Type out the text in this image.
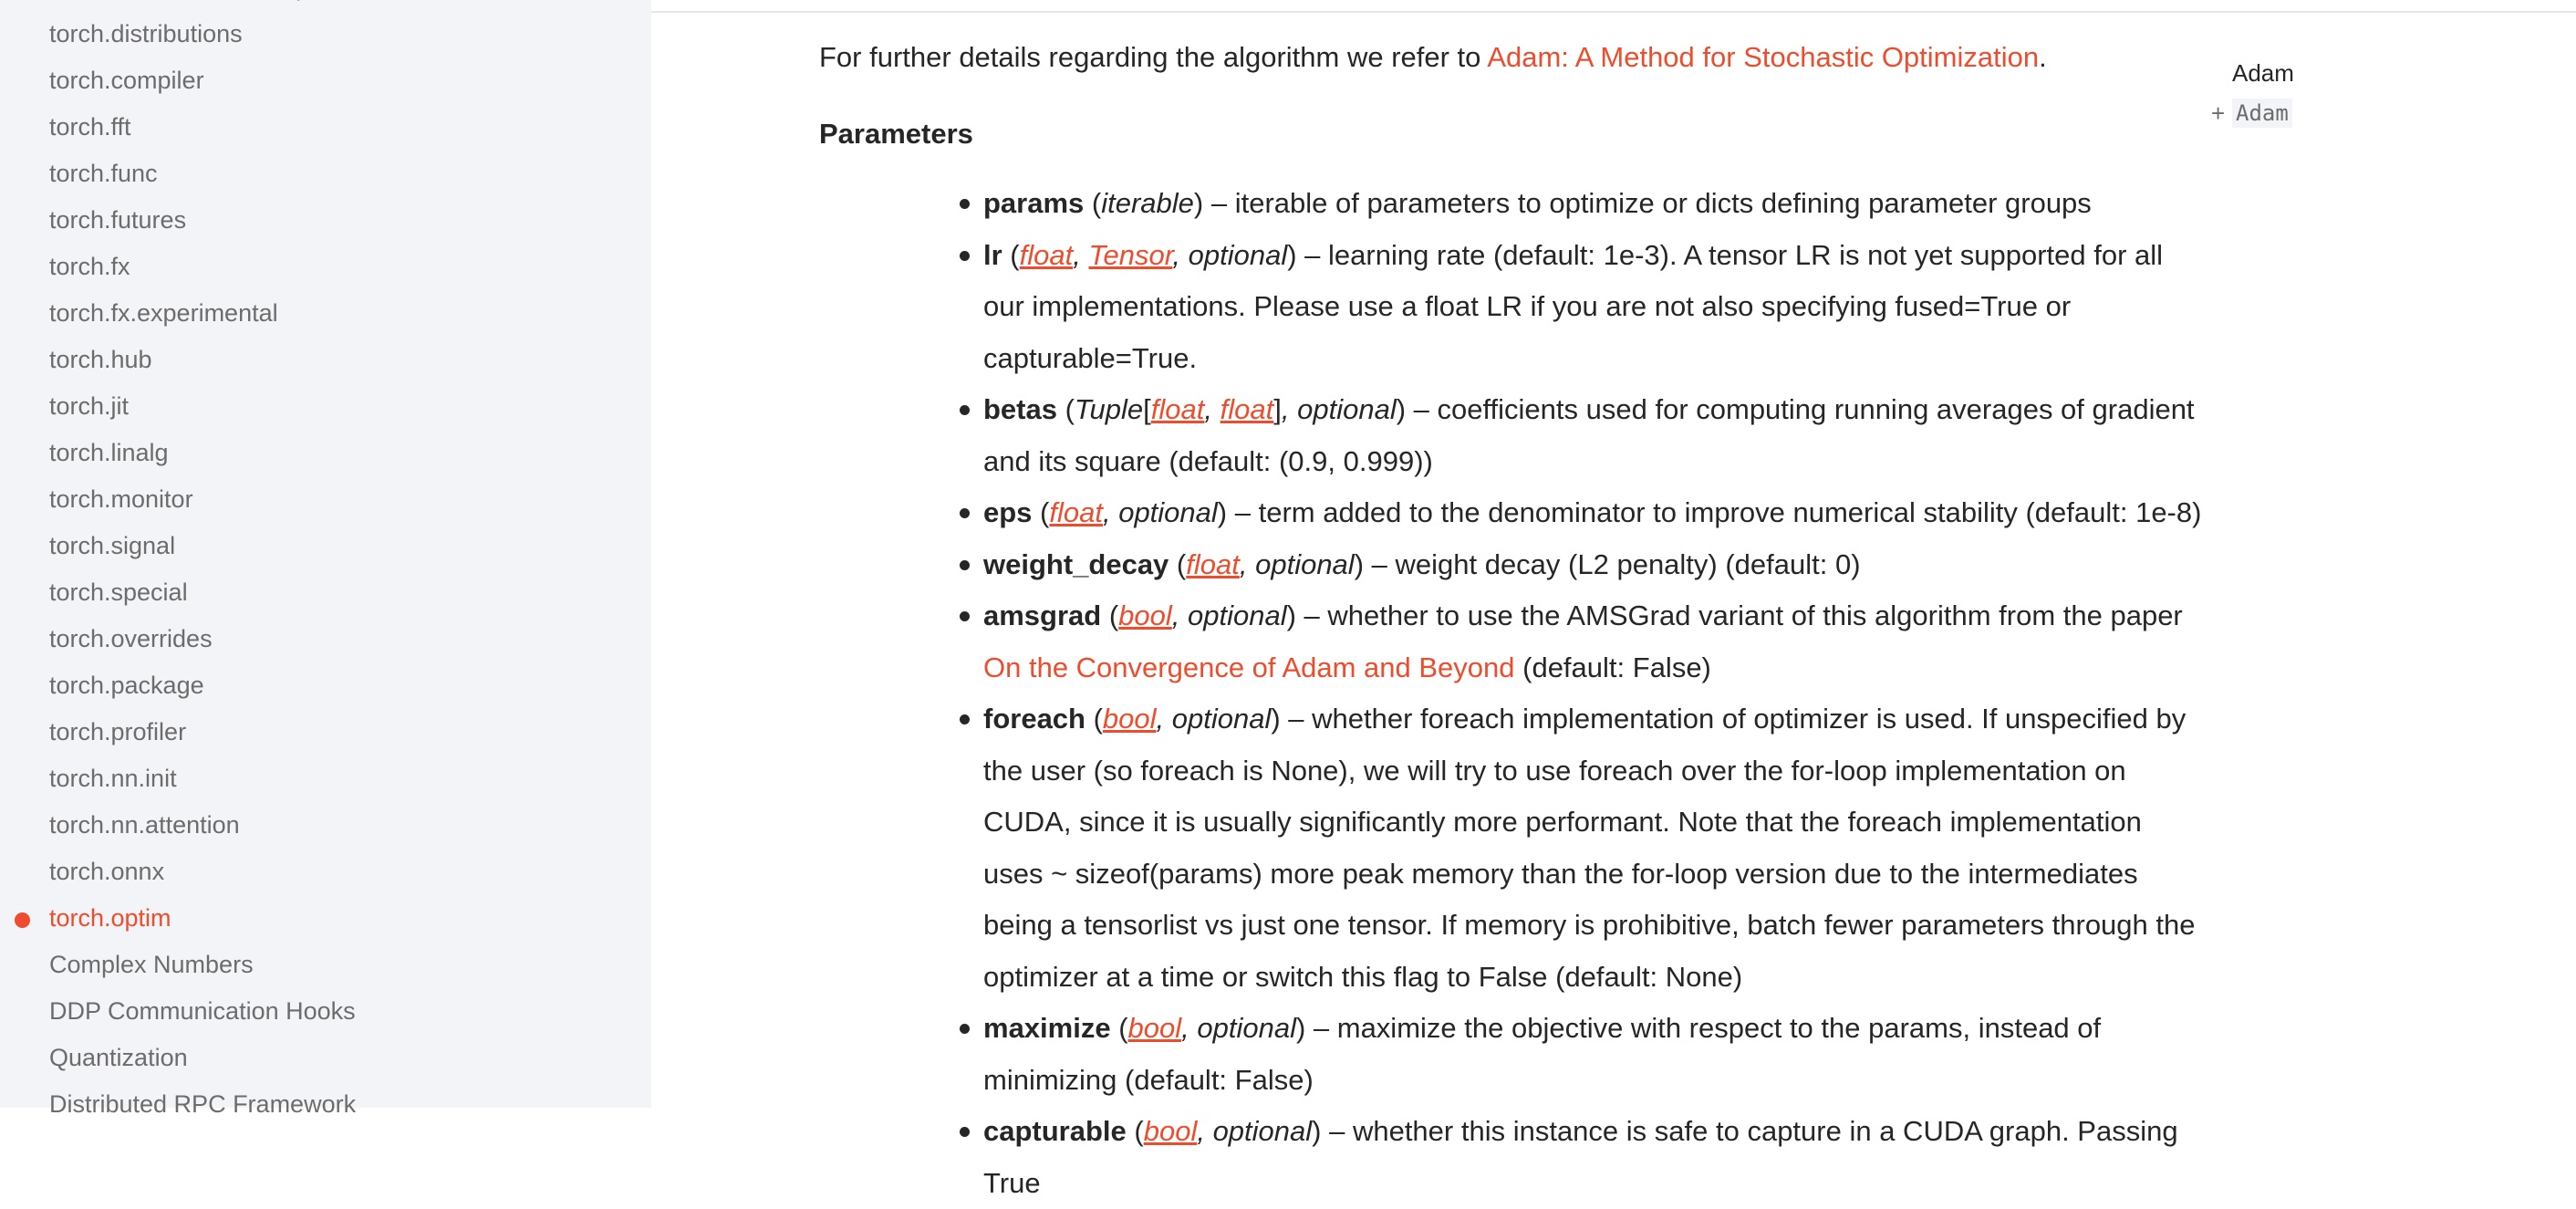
torch.distributions
torch.compiler
torch.fft
torch.func
torch.futures
torch.fx
torch.fx.experimental
torch.hub
torch.jit
torch.linalg
torch.monitor
torch.signal
torch.special
torch.overrides
torch.package
torch.profiler
torch.nn.init
torch.nn.attention
torch.onnx
torch.optim
Complex Numbers
DDP Communication Hooks
Quantization
Distributed RPC Framework

For further details regarding the algorithm we refer to Adam: A Method for Stochastic Optimization.

Parameters
params (iterable) – iterable of parameters to optimize or dicts defining parameter groups
lr (float, Tensor, optional) – learning rate (default: 1e-3). A tensor LR is not yet supported for all our implementations. Please use a float LR if you are not also specifying fused=True or capturable=True.
betas (Tuple[float, float], optional) – coefficients used for computing running averages of gradient and its square (default: (0.9, 0.999))
eps (float, optional) – term added to the denominator to improve numerical stability (default: 1e-8)
weight_decay (float, optional) – weight decay (L2 penalty) (default: 0)
amsgrad (bool, optional) – whether to use the AMSGrad variant of this algorithm from the paper On the Convergence of Adam and Beyond (default: False)
foreach (bool, optional) – whether foreach implementation of optimizer is used. If unspecified by the user (so foreach is None), we will try to use foreach over the for-loop implementation on CUDA, since it is usually significantly more performant. Note that the foreach implementation uses ~ sizeof(params) more peak memory than the for-loop version due to the intermediates being a tensorlist vs just one tensor. If memory is prohibitive, batch fewer parameters through the optimizer at a time or switch this flag to False (default: None)
maximize (bool, optional) – maximize the objective with respect to the params, instead of minimizing (default: False)
capturable (bool, optional) – whether this instance is safe to capture in a CUDA graph. Passing True
Adam
+ Adam
